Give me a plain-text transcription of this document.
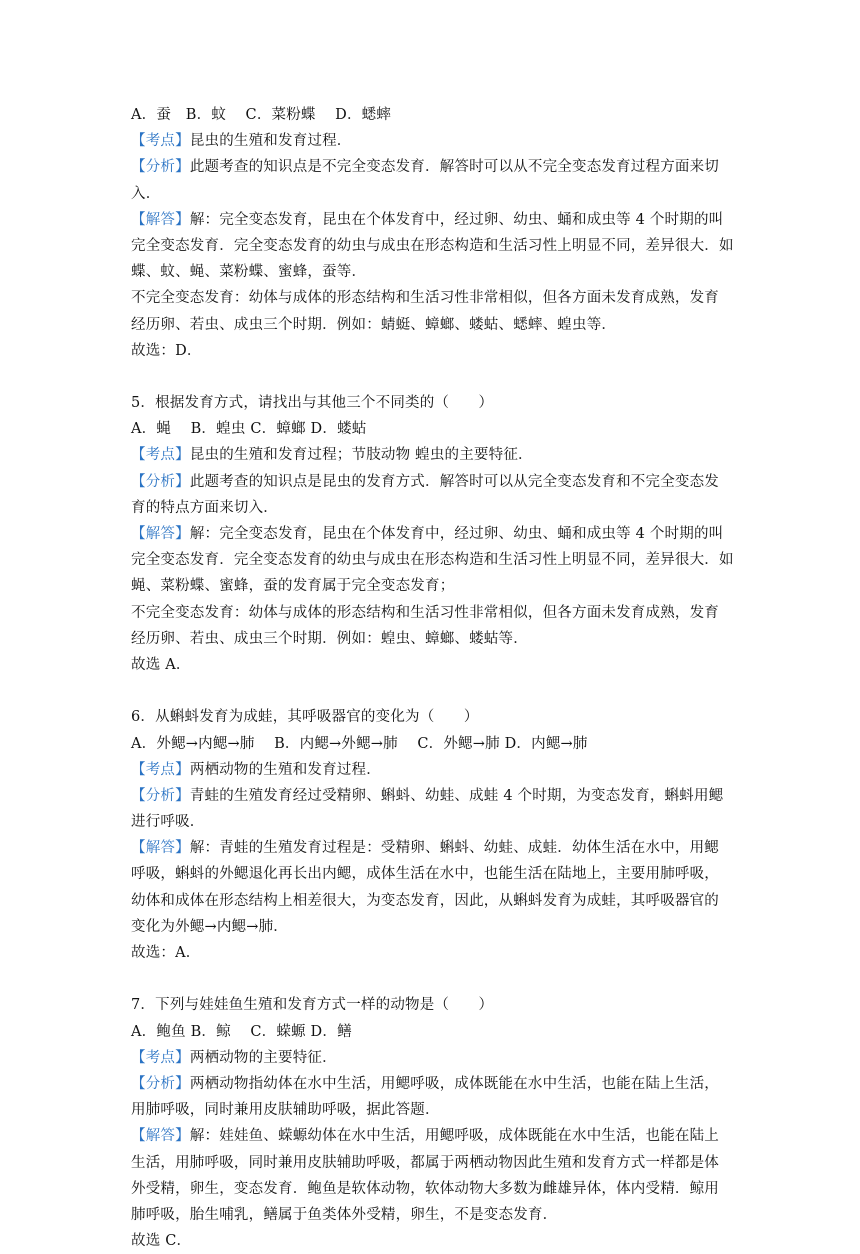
A．蚕　B．蚊　 C．菜粉蝶　 D．蟋蟀
【考点】昆虫的生殖和发育过程．
【分析】此题考查的知识点是不完全变态发育．解答时可以从不完全变态发育过程方面来切
入．
【解答】解：完全变态发育，昆虫在个体发育中，经过卵、幼虫、蛹和成虫等 4 个时期的叫
完全变态发育．完全变态发育的幼虫与成虫在形态构造和生活习性上明显不同，差异很大．如
蝶、蚊、蝇、菜粉蝶、蜜蜂，蚕等．
不完全变态发育：幼体与成体的形态结构和生活习性非常相似，但各方面未发育成熟，发育
经历卵、若虫、成虫三个时期．例如：蜻蜓、蟑螂、蝼蛄、蟋蟀、蝗虫等．
故选：D．
5．根据发育方式，请找出与其他三个不同类的（　　）
A．蝇　 B．蝗虫 C．蟑螂 D．蝼蛄
【考点】昆虫的生殖和发育过程；节肢动物 蝗虫的主要特征．
【分析】此题考查的知识点是昆虫的发育方式．解答时可以从完全变态发育和不完全变态发
育的特点方面来切入．
【解答】解：完全变态发育，昆虫在个体发育中，经过卵、幼虫、蛹和成虫等 4 个时期的叫
完全变态发育．完全变态发育的幼虫与成虫在形态构造和生活习性上明显不同，差异很大．如
蝇、菜粉蝶、蜜蜂，蚕的发育属于完全变态发育；
不完全变态发育：幼体与成体的形态结构和生活习性非常相似，但各方面未发育成熟，发育
经历卵、若虫、成虫三个时期．例如：蝗虫、蟑螂、蝼蛄等．
故选 A．
6．从蝌蚪发育为成蛙，其呼吸器官的变化为（　　）
A．外鳃→内鳃→肺　 B．内鳃→外鳃→肺　 C．外鳃→肺 D．内鳃→肺
【考点】两栖动物的生殖和发育过程．
【分析】青蛙的生殖发育经过受精卵、蝌蚪、幼蛙、成蛙 4 个时期，为变态发育，蝌蚪用鳃
进行呼吸．
【解答】解：青蛙的生殖发育过程是：受精卵、蝌蚪、幼蛙、成蛙．幼体生活在水中，用鳃
呼吸，蝌蚪的外鳃退化再长出内鳃，成体生活在水中，也能生活在陆地上，主要用肺呼吸，
幼体和成体在形态结构上相差很大，为变态发育，因此，从蝌蚪发育为成蛙，其呼吸器官的
变化为外鳃→内鳃→肺．
故选：A．
7．下列与娃娃鱼生殖和发育方式一样的动物是（　　）
A．鲍鱼 B．鲸　 C．蝾螈 D．鳝
【考点】两栖动物的主要特征．
【分析】两栖动物指幼体在水中生活，用鳃呼吸，成体既能在水中生活，也能在陆上生活，
用肺呼吸，同时兼用皮肤辅助呼吸，据此答题．
【解答】解：娃娃鱼、蝾螈幼体在水中生活，用鳃呼吸，成体既能在水中生活，也能在陆上
生活，用肺呼吸，同时兼用皮肤辅助呼吸，都属于两栖动物因此生殖和发育方式一样都是体
外受精，卵生，变态发育．鲍鱼是软体动物，软体动物大多数为雌雄异体，体内受精．鲸用
肺呼吸，胎生哺乳，鳝属于鱼类体外受精，卵生，不是变态发育．
故选 C．
